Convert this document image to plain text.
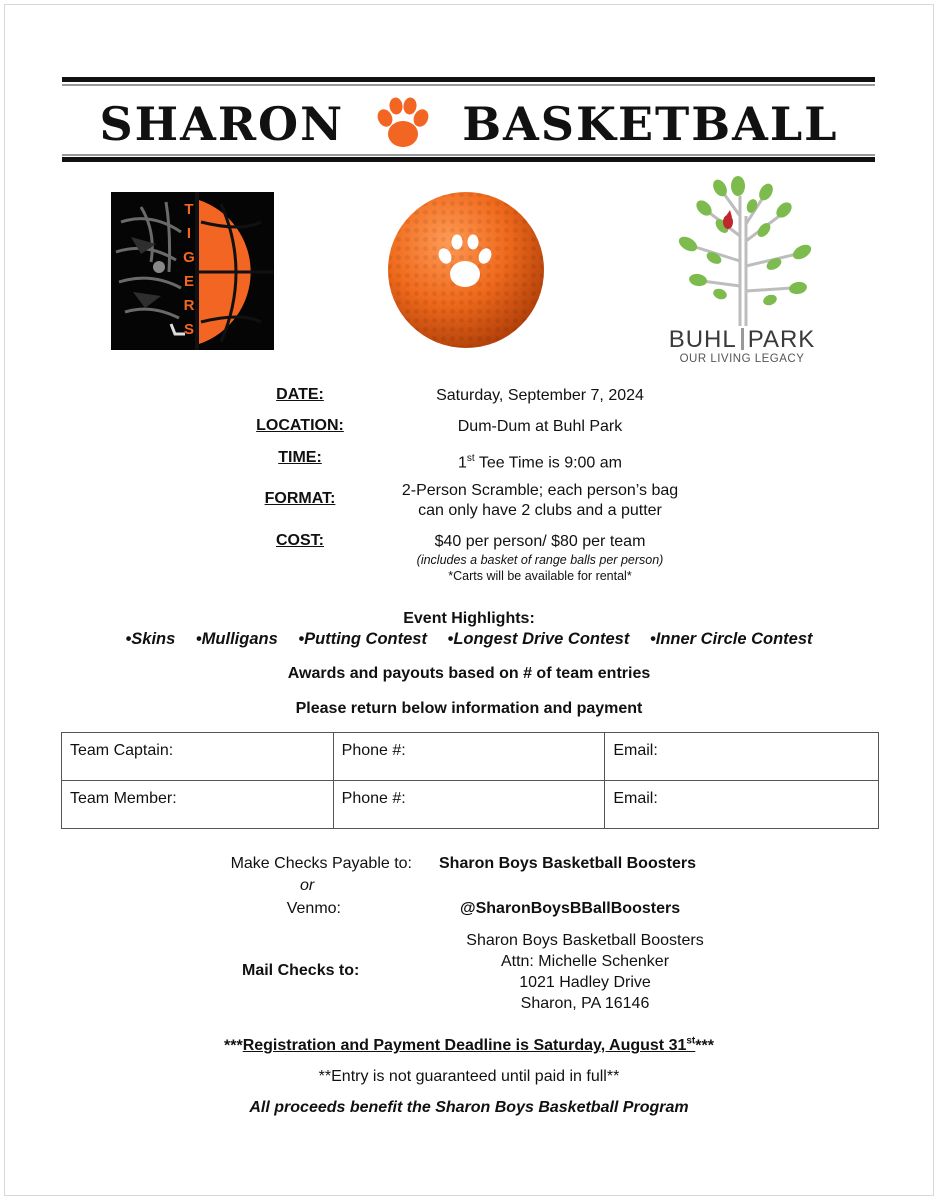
SHARON	BASKETBALL
T
I
G
E
R
S	BUHL PARK
OUR LIVING LEGACY
DATE:	Saturday, September 7, 2024
LOCATION:	Dum-Dum at Buhl Park
TIME:	1st Tee Time is 9:00 am
FORMAT:	2-Person Scramble; each person’s bag
can only have 2 clubs and a putter
COST:	$40 per person/ $80 per team
(includes a basket of range balls per person)
*Carts will be available for rental*
Event Highlights:
•Skins •Mulligans •Putting Contest •Longest Drive Contest •Inner Circle Contest
Awards and payouts based on # of team entries
Please return below information and payment
Team Captain:	Phone #:	Email:
Team Member:	Phone #:	Email:
Make Checks Payable to: Sharon Boys Basketball Boosters
or
Venmo:	@SharonBoysBBallBoosters
Mail Checks to:
Sharon Boys Basketball Boosters
Attn: Michelle Schenker
1021 Hadley Drive
Sharon, PA 16146
***Registration and Payment Deadline is Saturday, August 31st***
**Entry is not guaranteed until paid in full**
All proceeds benefit the Sharon Boys Basketball Program
